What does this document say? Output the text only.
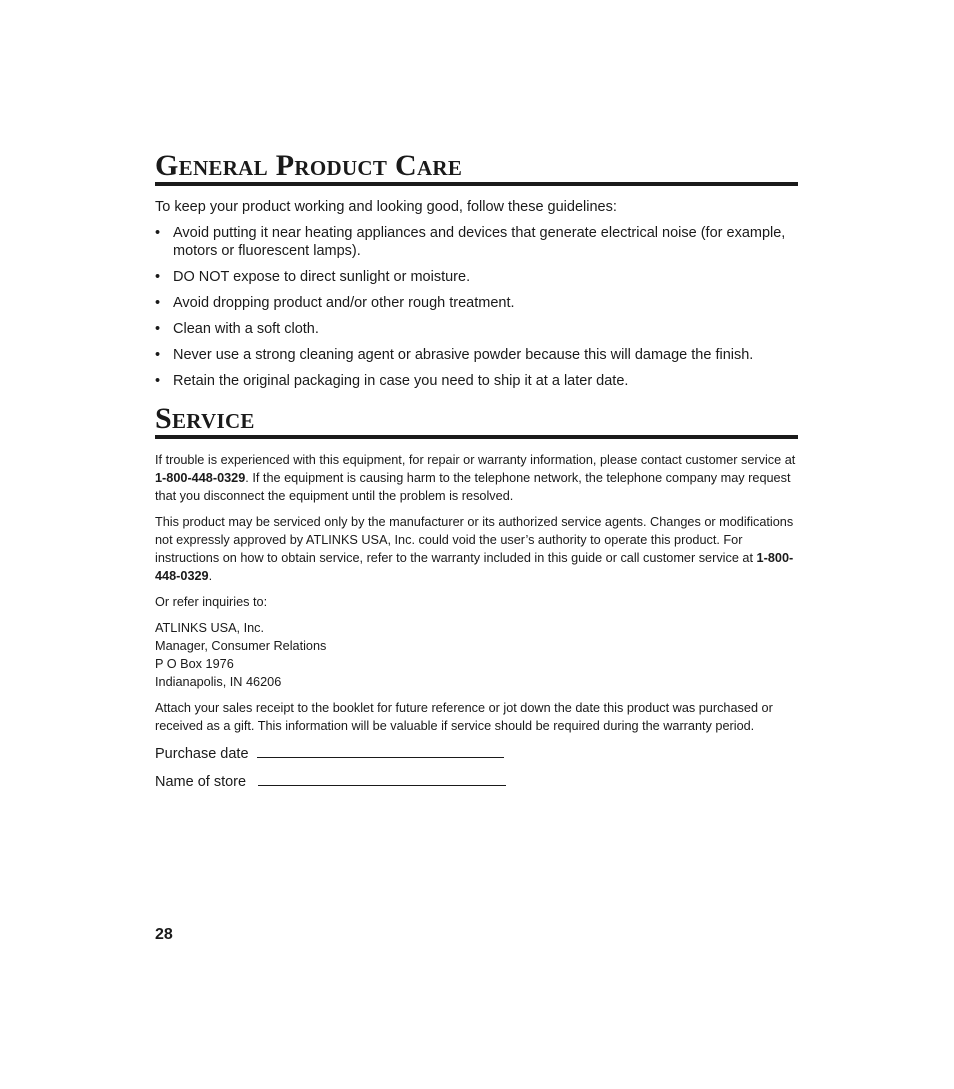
General Product Care
To keep your product working and looking good, follow these guidelines:
• Avoid putting it near heating appliances and devices that generate electrical noise (for example, motors or fluorescent lamps).
• DO NOT expose to direct sunlight or moisture.
• Avoid dropping product and/or other rough treatment.
• Clean with a soft cloth.
• Never use a strong cleaning agent or abrasive powder because this will damage the finish.
• Retain the original packaging in case you need to ship it at a later date.
Service

If trouble is experienced with this equipment, for repair or warranty information, please contact customer service at 1-800-448-0329. If the equipment is causing harm to the telephone network, the telephone company may request that you disconnect the equipment until the problem is resolved.

This product may be serviced only by the manufacturer or its authorized service agents. Changes or modifications not expressly approved by ATLINKS USA, Inc. could void the user’s authority to operate this product. For instructions on how to obtain service, refer to the warranty included in this guide or call customer service at 1-800-448-0329.

Or refer inquiries to:

ATLINKS USA, Inc.
Manager, Consumer Relations
P O Box 1976
Indianapolis, IN 46206

Attach your sales receipt to the booklet for future reference or jot down the date this product was purchased or received as a gift. This information will be valuable if service should be required during the warranty period.

Purchase date
Name of store
28
